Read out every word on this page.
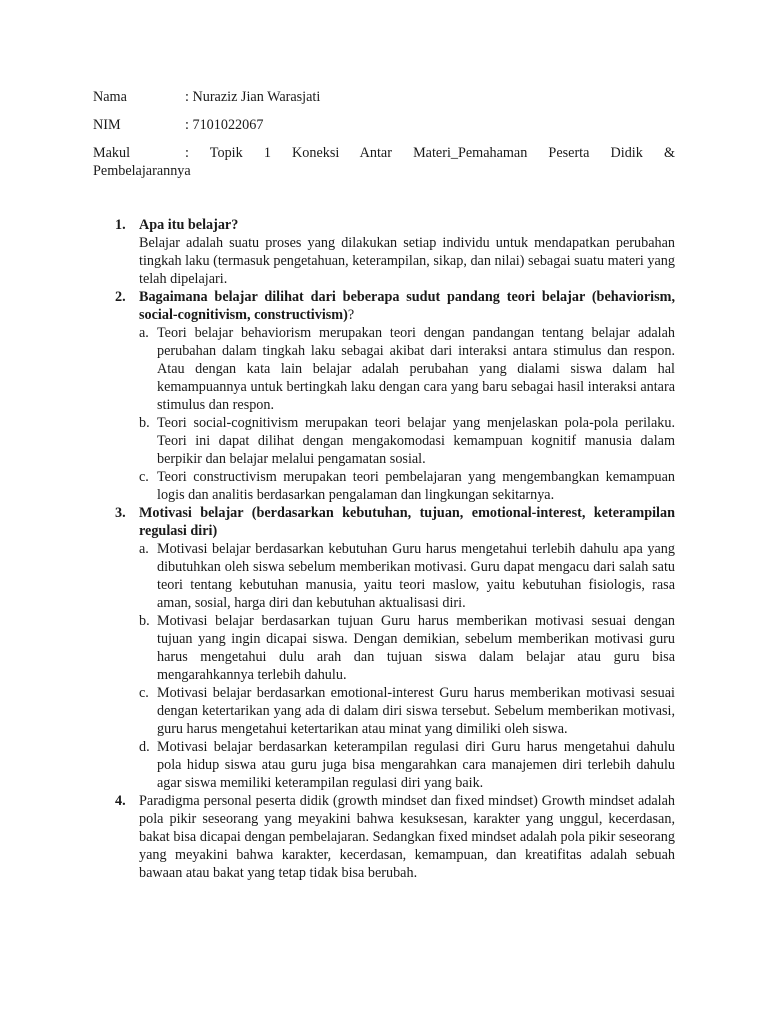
Nama	: Nuraziz Jian Warasjati
NIM	: 7101022067
Makul	: Topik 1 Koneksi Antar Materi_Pemahaman Peserta Didik &
Pembelajarannya
1. Apa itu belajar?
Belajar adalah suatu proses yang dilakukan setiap individu untuk mendapatkan perubahan tingkah laku (termasuk pengetahuan, keterampilan, sikap, dan nilai) sebagai suatu materi yang telah dipelajari.
2. Bagaimana belajar dilihat dari beberapa sudut pandang teori belajar (behaviorism, social-cognitivism, constructivism)?
a. Teori belajar behaviorism merupakan teori dengan pandangan tentang belajar adalah perubahan dalam tingkah laku sebagai akibat dari interaksi antara stimulus dan respon. Atau dengan kata lain belajar adalah perubahan yang dialami siswa dalam hal kemampuannya untuk bertingkah laku dengan cara yang baru sebagai hasil interaksi antara stimulus dan respon.
b. Teori social-cognitivism merupakan teori belajar yang menjelaskan pola-pola perilaku. Teori ini dapat dilihat dengan mengakomodasi kemampuan kognitif manusia dalam berpikir dan belajar melalui pengamatan sosial.
c. Teori constructivism merupakan teori pembelajaran yang mengembangkan kemampuan logis dan analitis berdasarkan pengalaman dan lingkungan sekitarnya.
3. Motivasi belajar (berdasarkan kebutuhan, tujuan, emotional-interest, keterampilan regulasi diri)
a. Motivasi belajar berdasarkan kebutuhan Guru harus mengetahui terlebih dahulu apa yang dibutuhkan oleh siswa sebelum memberikan motivasi. Guru dapat mengacu dari salah satu teori tentang kebutuhan manusia, yaitu teori maslow, yaitu kebutuhan fisiologis, rasa aman, sosial, harga diri dan kebutuhan aktualisasi diri.
b. Motivasi belajar berdasarkan tujuan Guru harus memberikan motivasi sesuai dengan tujuan yang ingin dicapai siswa. Dengan demikian, sebelum memberikan motivasi guru harus mengetahui dulu arah dan tujuan siswa dalam belajar atau guru bisa mengarahkannya terlebih dahulu.
c. Motivasi belajar berdasarkan emotional-interest Guru harus memberikan motivasi sesuai dengan ketertarikan yang ada di dalam diri siswa tersebut. Sebelum memberikan motivasi, guru harus mengetahui ketertarikan atau minat yang dimiliki oleh siswa.
d. Motivasi belajar berdasarkan keterampilan regulasi diri Guru harus mengetahui dahulu pola hidup siswa atau guru juga bisa mengarahkan cara manajemen diri terlebih dahulu agar siswa memiliki keterampilan regulasi diri yang baik.
4. Paradigma personal peserta didik (growth mindset dan fixed mindset) Growth mindset adalah pola pikir seseorang yang meyakini bahwa kesuksesan, karakter yang unggul, kecerdasan, bakat bisa dicapai dengan pembelajaran. Sedangkan fixed mindset adalah pola pikir seseorang yang meyakini bahwa karakter, kecerdasan, kemampuan, dan kreatifitas adalah sebuah bawaan atau bakat yang tetap tidak bisa berubah.
